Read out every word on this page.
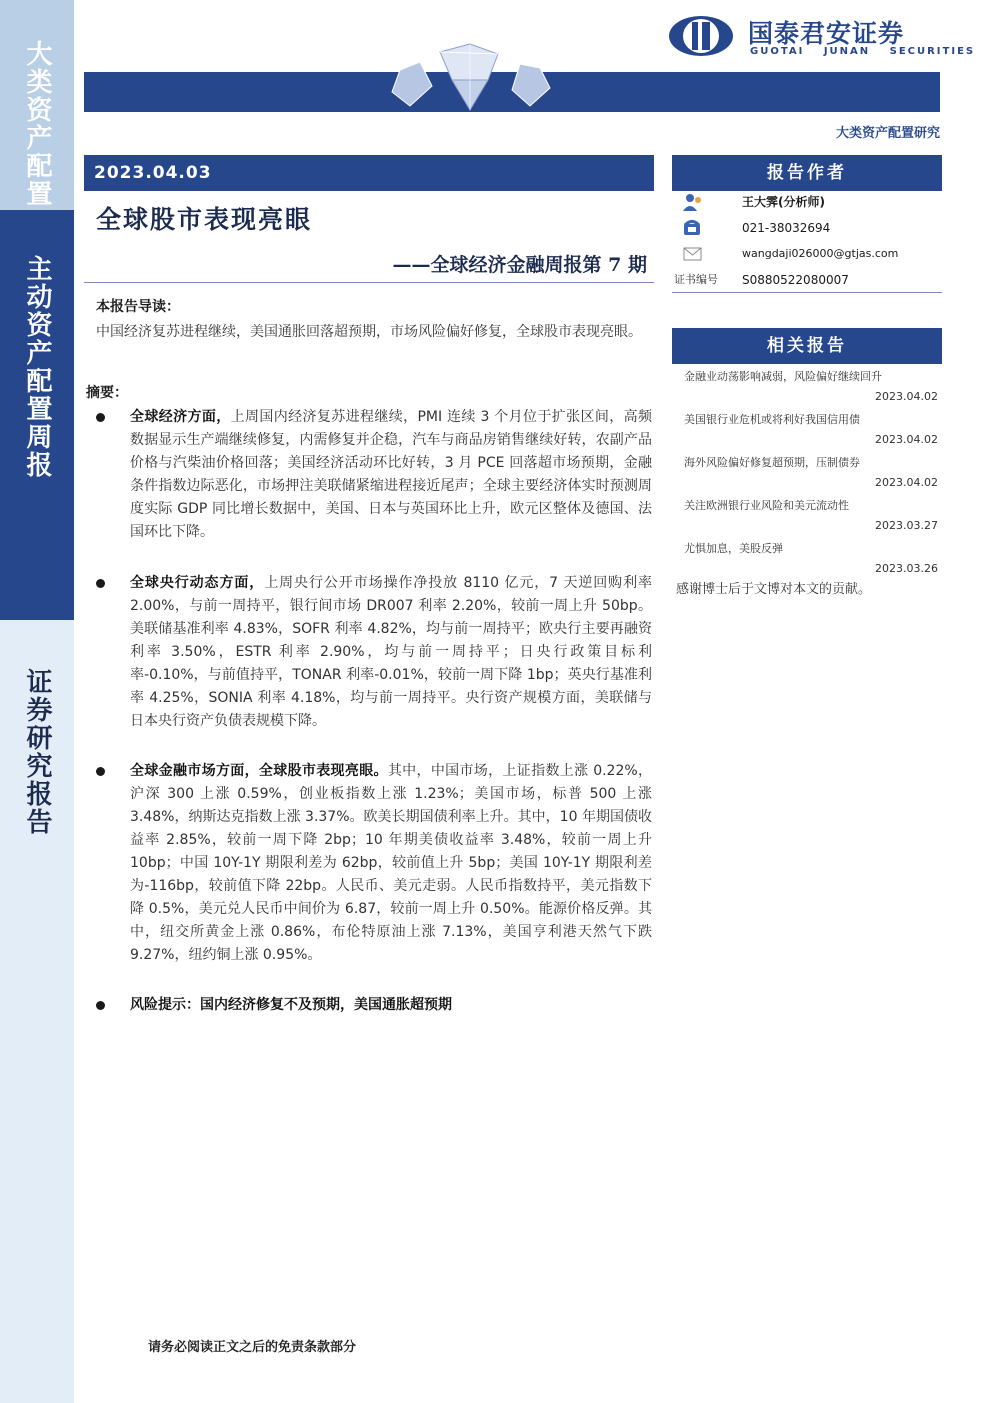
大类资产配置
主动资产配置周报
证券研究报告
国泰君安证券
GUOTAI JUNAN SECURITIES
大类资产配置研究
2023.04.03
全球股市表现亮眼
——全球经济金融周报第 7 期
本报告导读：
中国经济复苏进程继续，美国通胀回落超预期，市场风险偏好修复，全球股市表现亮眼。
摘要：
全球经济方面，上周国内经济复苏进程继续，PMI 连续 3 个月位于扩张区间，高频数据显示生产端继续修复，内需修复并企稳，汽车与商品房销售继续好转，农副产品价格与汽柴油价格回落；美国经济活动环比好转，3 月 PCE 回落超市场预期，金融条件指数边际恶化，市场押注美联储紧缩进程接近尾声；全球主要经济体实时预测周度实际 GDP 同比增长数据中，美国、日本与英国环比上升，欧元区整体及德国、法国环比下降。
全球央行动态方面，上周央行公开市场操作净投放 8110 亿元，7 天逆回购利率 2.00%，与前一周持平，银行间市场 DR007 利率 2.20%，较前一周上升 50bp。美联储基准利率 4.83%，SOFR 利率 4.82%，均与前一周持平；欧央行主要再融资利率 3.50%，ESTR 利率 2.90%，均与前一周持平；日央行政策目标利率-0.10%，与前值持平，TONAR 利率-0.01%，较前一周下降 1bp；英央行基准利率 4.25%，SONIA 利率 4.18%，均与前一周持平。央行资产规模方面，美联储与日本央行资产负债表规模下降。
全球金融市场方面，全球股市表现亮眼。其中，中国市场，上证指数上涨 0.22%，沪深 300 上涨 0.59%，创业板指数上涨 1.23%；美国市场，标普 500 上涨 3.48%，纳斯达克指数上涨 3.37%。欧美长期国债利率上升。其中，10 年期国债收益率 2.85%，较前一周下降 2bp；10 年期美债收益率 3.48%，较前一周上升 10bp；中国 10Y-1Y 期限利差为 62bp，较前值上升 5bp；美国 10Y-1Y 期限利差为-116bp，较前值下降 22bp。人民币、美元走弱。人民币指数持平，美元指数下降 0.5%，美元兑人民币中间价为 6.87，较前一周上升 0.50%。能源价格反弹。其中，纽交所黄金上涨 0.86%，布伦特原油上涨 7.13%，美国亨利港天然气下跌 9.27%，纽约铜上涨 0.95%。
风险提示：国内经济修复不及预期，美国通胀超预期
请务必阅读正文之后的免责条款部分
报告作者
王大霁(分析师)
021-38032694
wangdaji026000@gtjas.com
证书编号 S0880522080007
相关报告
金融业动荡影响减弱，风险偏好继续回升
2023.04.02
美国银行业危机或将利好我国信用债
2023.04.02
海外风险偏好修复超预期，压制债券
2023.04.02
关注欧洲银行业风险和美元流动性
2023.03.27
尤惧加息，美股反弹
2023.03.26
感谢博士后于文博对本文的贡献。
